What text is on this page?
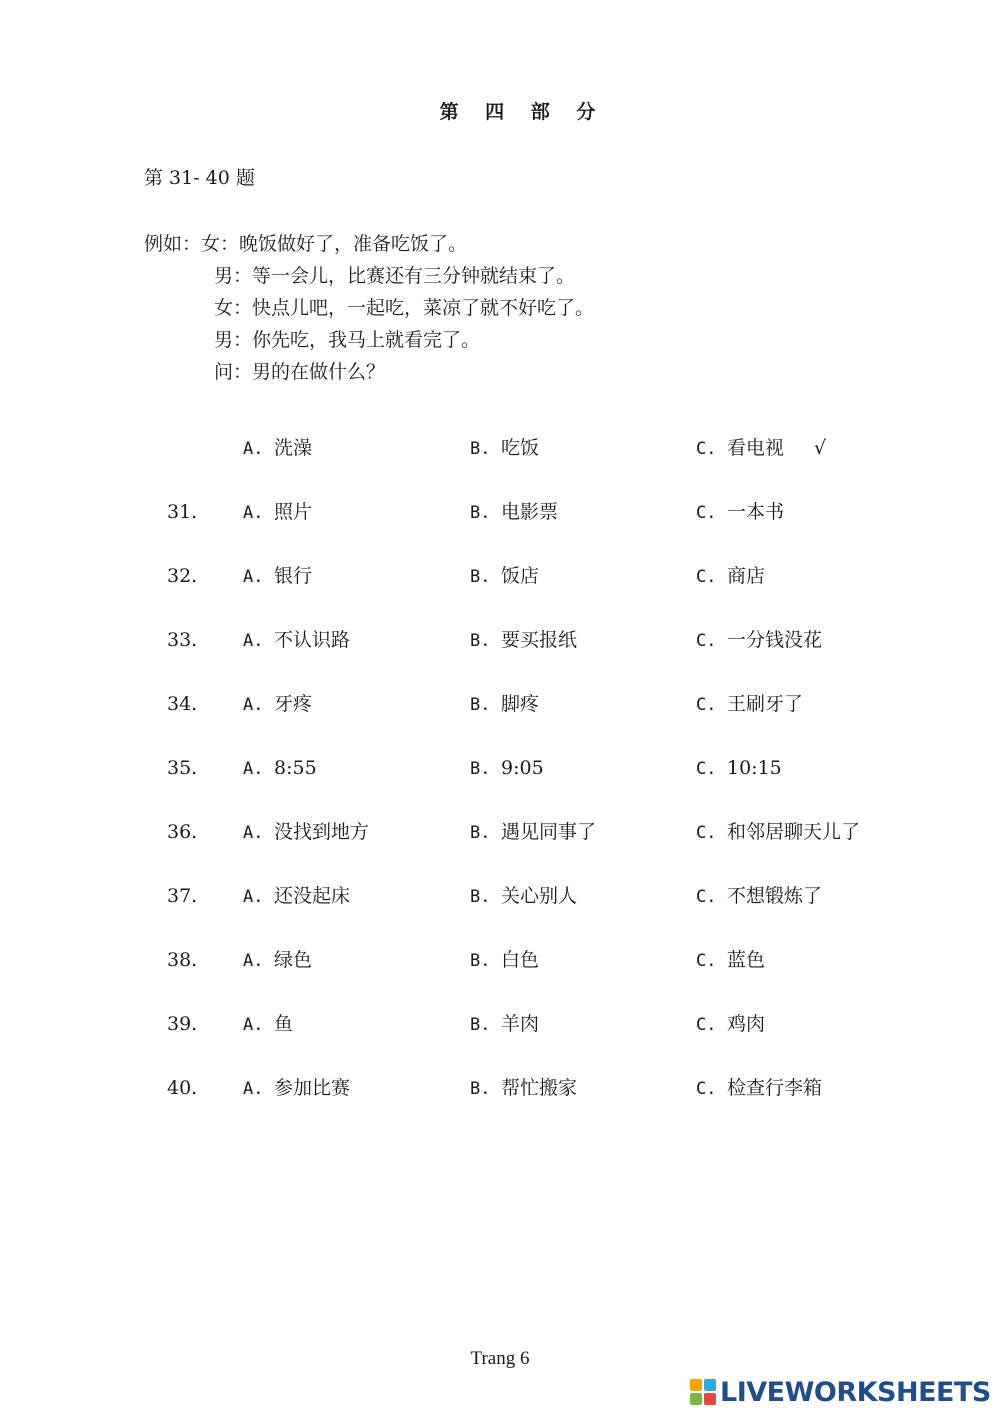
第 四 部 分
第 31- 40 题
例如：女：晚饭做好了，准备吃饭了。
男：等一会儿，比赛还有三分钟就结束了。
女：快点儿吧，一起吃，菜凉了就不好吃了。
男：你先吃，我马上就看完了。
问：男的在做什么？
A. 洗澡	B. 吃饭	C. 看电视 √
31.	A. 照片	B. 电影票	C. 一本书
32.	A. 银行	B. 饭店	C. 商店
33.	A. 不认识路	B. 要买报纸	C. 一分钱没花
34.	A. 牙疼	B. 脚疼	C. 王刷牙了
35.	A. 8:55	B. 9:05	C. 10:15
36.	A. 没找到地方	B. 遇见同事了	C. 和邻居聊天儿了
37.	A. 还没起床	B. 关心别人	C. 不想锻炼了
38.	A. 绿色	B. 白色	C. 蓝色
39.	A. 鱼	B. 羊肉	C. 鸡肉
40.	A. 参加比赛	B. 帮忙搬家	C. 检查行李箱
Trang 6
LIVEWORKSHEETS
